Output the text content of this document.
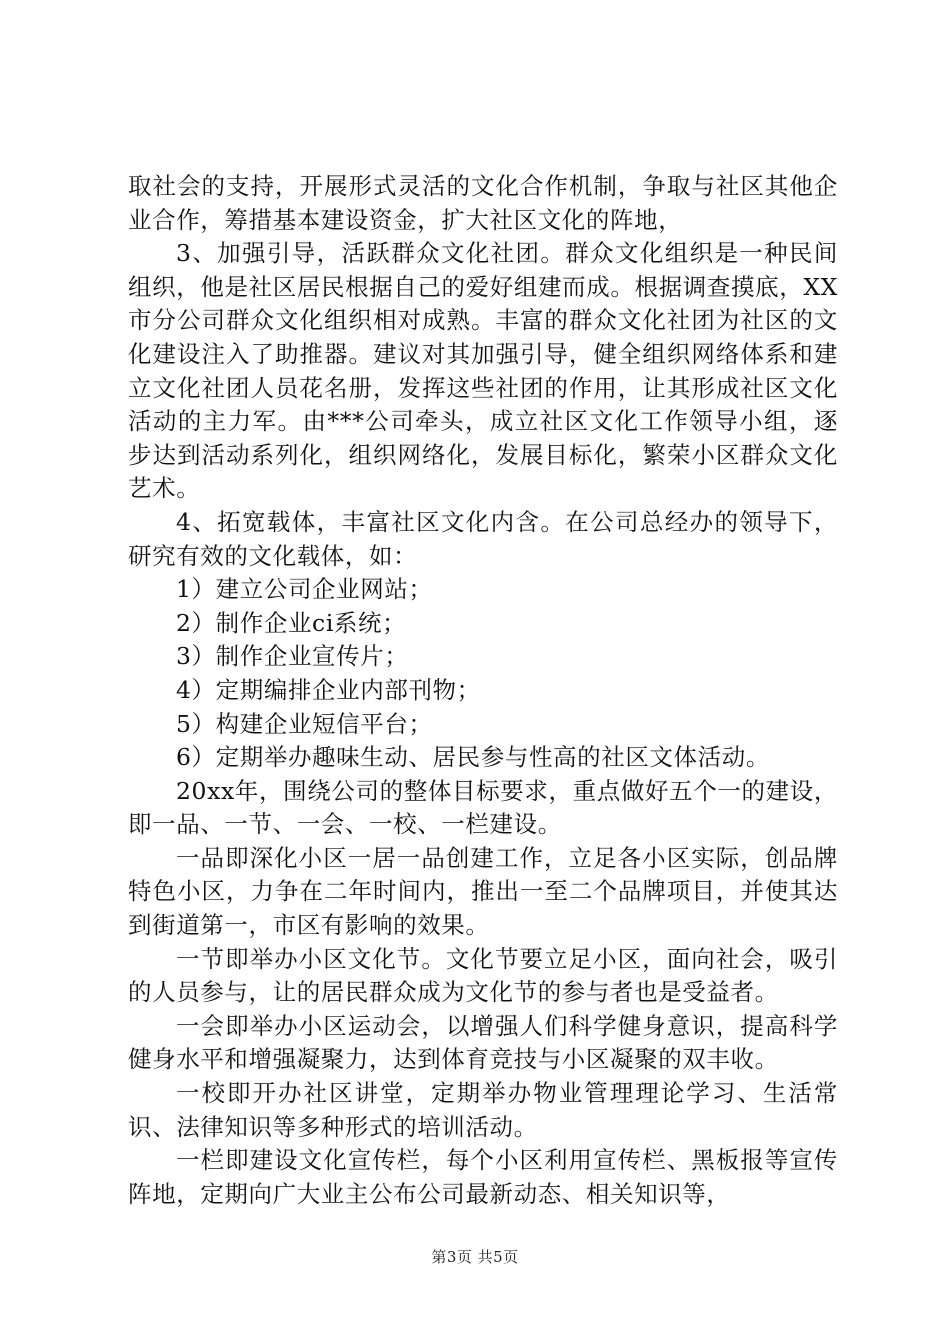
取社会的支持，开展形式灵活的文化合作机制，争取与社区其他企业合作，筹措基本建设资金，扩大社区文化的阵地，

3、加强引导，活跃群众文化社团。群众文化组织是一种民间组织，他是社区居民根据自己的爱好组建而成。根据调查摸底，XX市分公司群众文化组织相对成熟。丰富的群众文化社团为社区的文化建设注入了助推器。建议对其加强引导，健全组织网络体系和建立文化社团人员花名册，发挥这些社团的作用，让其形成社区文化活动的主力军。由***公司牵头，成立社区文化工作领导小组，逐步达到活动系列化，组织网络化，发展目标化，繁荣小区群众文化艺术。

4、拓宽载体，丰富社区文化内含。在公司总经办的领导下，研究有效的文化载体，如：

1）建立公司企业网站；

2）制作企业ci系统；

3）制作企业宣传片；

4）定期编排企业内部刊物；

5）构建企业短信平台；

6）定期举办趣味生动、居民参与性高的社区文体活动。

20xx年，围绕公司的整体目标要求，重点做好五个一的建设，即一品、一节、一会、一校、一栏建设。

一品即深化小区一居一品创建工作，立足各小区实际，创品牌特色小区，力争在二年时间内，推出一至二个品牌项目，并使其达到街道第一，市区有影响的效果。

一节即举办小区文化节。文化节要立足小区，面向社会，吸引的人员参与，让的居民群众成为文化节的参与者也是受益者。

一会即举办小区运动会，以增强人们科学健身意识，提高科学健身水平和增强凝聚力，达到体育竞技与小区凝聚的双丰收。

一校即开办社区讲堂，定期举办物业管理理论学习、生活常识、法律知识等多种形式的培训活动。

一栏即建设文化宣传栏，每个小区利用宣传栏、黑板报等宣传阵地，定期向广大业主公布公司最新动态、相关知识等，

第3页 共5页
